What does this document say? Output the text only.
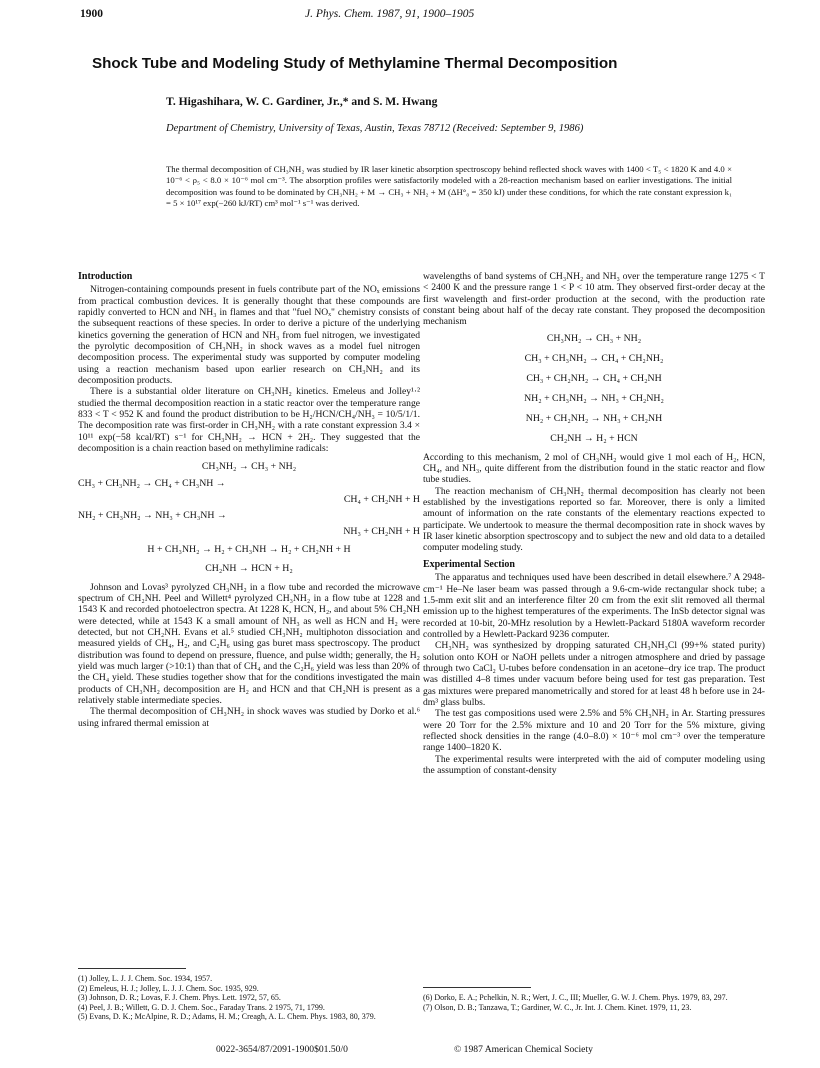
1900	J. Phys. Chem. 1987, 91, 1900–1905
Shock Tube and Modeling Study of Methylamine Thermal Decomposition
T. Higashihara, W. C. Gardiner, Jr.,* and S. M. Hwang
Department of Chemistry, University of Texas, Austin, Texas 78712 (Received: September 9, 1986)

The thermal decomposition of CH₃NH₂ was studied by IR laser kinetic absorption spectroscopy behind reflected shock waves with 1400 < T₅ < 1820 K and 4.0 × 10⁻⁶ < ρ₅ < 8.0 × 10⁻⁶ mol cm⁻³. The absorption profiles were satisfactorily modeled with a 28-reaction mechanism based on earlier investigations. The initial decomposition was found to be dominated by CH₃NH₂ + M → CH₃ + NH₂ + M (ΔH°₀ = 350 kJ) under these conditions, for which the rate constant expression k₁ = 5 × 10¹⁷ exp(−260 kJ/RT) cm³ mol⁻¹ s⁻¹ was derived.

Introduction

Nitrogen-containing compounds present in fuels contribute part of the NOₓ emissions from practical combustion devices. It is generally thought that these compounds are rapidly converted to HCN and NH₃ in flames and that "fuel NOₓ" chemistry consists of the subsequent reactions of these species. In order to derive a picture of the underlying kinetics governing the generation of HCN and NH₃ from fuel nitrogen, we investigated the pyrolytic decomposition of CH₃NH₂ in shock waves as a model fuel nitrogen decomposition process. The experimental study was supported by computer modeling using a reaction mechanism based upon earlier research on CH₃NH₂ and its decomposition products.

There is a substantial older literature on CH₃NH₂ kinetics. Emeleus and Jolley¹·² studied the thermal decomposition reaction in a static reactor over the temperature range 833 < T < 952 K and found the product distribution to be H₂/HCN/CH₄/NH₃ = 10/5/1/1. The decomposition rate was first-order in CH₃NH₂ with a rate constant expression 3.4 × 10¹¹ exp(−58 kcal/RT) s⁻¹ for CH₃NH₂ → HCN + 2H₂. They suggested that the decomposition is a chain reaction based on methylimine radicals:

CH₃NH₂ → CH₃ + NH₂
CH₃ + CH₃NH₂ → CH₄ + CH₃NH →
CH₄ + CH₂NH + H
NH₂ + CH₃NH₂ → NH₃ + CH₃NH →
NH₃ + CH₂NH + H
H + CH₃NH₂ → H₂ + CH₃NH → H₂ + CH₂NH + H
CH₂NH → HCN + H₂

Johnson and Lovas³ pyrolyzed CH₃NH₂ in a flow tube and recorded the microwave spectrum of CH₂NH. Peel and Willett⁴ pyrolyzed CH₃NH₂ in a flow tube at 1228 and 1543 K and recorded photoelectron spectra. At 1228 K, HCN, H₂, and about 5% CH₂NH were detected, while at 1543 K a small amount of NH₃ as well as HCN and H₂ were detected, but not CH₂NH. Evans et al.⁵ studied CH₃NH₂ multiphoton dissociation and measured yields of CH₄, H₂, and C₂H₆ using gas buret mass spectroscopy. The product distribution was found to depend on pressure, fluence, and pulse width; generally, the H₂ yield was much larger (>10:1) than that of CH₄ and the C₂H₆ yield was less than 20% of the CH₄ yield. These studies together show that for the conditions investigated the main products of CH₃NH₂ decomposition are H₂ and HCN and that CH₂NH is present as a relatively stable intermediate species.

The thermal decomposition of CH₃NH₂ in shock waves was studied by Dorko et al.⁶ using infrared thermal emission at

(1) Jolley, L. J. J. Chem. Soc. 1934, 1957.
(2) Emeleus, H. J.; Jolley, L. J. J. Chem. Soc. 1935, 929.
(3) Johnson, D. R.; Lovas, F. J. Chem. Phys. Lett. 1972, 57, 65.
(4) Peel, J. B.; Willett, G. D. J. Chem. Soc., Faraday Trans. 2 1975, 71, 1799.
(5) Evans, D. K.; McAlpine, R. D.; Adams, H. M.; Creagh, A. L. Chem. Phys. 1983, 80, 379.

wavelengths of band systems of CH₃NH₂ and NH₃ over the temperature range 1275 < T < 2400 K and the pressure range 1 < P < 10 atm. They observed first-order decay at the first wavelength and first-order production at the second, with the production rate constant being about half of the decay rate constant. They proposed the decomposition mechanism

CH₃NH₂ → CH₃ + NH₂
CH₃ + CH₃NH₂ → CH₄ + CH₂NH₂
CH₃ + CH₂NH₂ → CH₄ + CH₂NH
NH₂ + CH₃NH₂ → NH₃ + CH₂NH₂
NH₂ + CH₂NH₂ → NH₃ + CH₂NH
CH₂NH → H₂ + HCN

According to this mechanism, 2 mol of CH₃NH₂ would give 1 mol each of H₂, HCN, CH₄, and NH₃, quite different from the distribution found in the static reactor and flow tube studies.

The reaction mechanism of CH₃NH₂ thermal decomposition has clearly not been established by the investigations reported so far. Moreover, there is only a limited amount of information on the rate constants of the elementary reactions expected to participate. We undertook to measure the thermal decomposition rate in shock waves by IR laser kinetic absorption spectroscopy and to subject the new and old data to a detailed computer modeling study.

Experimental Section

The apparatus and techniques used have been described in detail elsewhere.⁷ A 2948-cm⁻¹ He–Ne laser beam was passed through a 9.6-cm-wide rectangular shock tube; a 1.5-mm exit slit and an interference filter 20 cm from the exit slit removed all thermal emission up to the highest temperatures of the experiments. The InSb detector signal was recorded at 10-bit, 20-MHz resolution by a Hewlett-Packard 5180A waveform recorder controlled by a Hewlett-Packard 9236 computer.

CH₃NH₂ was synthesized by dropping saturated CH₃NH₃Cl (99+% stated purity) solution onto KOH or NaOH pellets under a nitrogen atmosphere and dried by passage through two CaCl₂ U-tubes before condensation in an acetone–dry ice trap. The product was distilled 4–8 times under vacuum before being used for test gas preparation. Test gas mixtures were prepared manometrically and stored for at least 48 h before use in 24-dm³ glass bulbs.

The test gas compositions used were 2.5% and 5% CH₃NH₂ in Ar. Starting pressures were 20 Torr for the 2.5% mixture and 10 and 20 Torr for the 5% mixture, giving reflected shock densities in the range (4.0–8.0) × 10⁻⁶ mol cm⁻³ over the temperature range 1400–1820 K.

The experimental results were interpreted with the aid of computer modeling using the assumption of constant-density

(6) Dorko, E. A.; Pchelkin, N. R.; Wert, J. C., III; Mueller, G. W. J. Chem. Phys. 1979, 83, 297.
(7) Olson, D. B.; Tanzawa, T.; Gardiner, W. C., Jr. Int. J. Chem. Kinet. 1979, 11, 23.
0022-3654/87/2091-1900$01.50/0	© 1987 American Chemical Society
